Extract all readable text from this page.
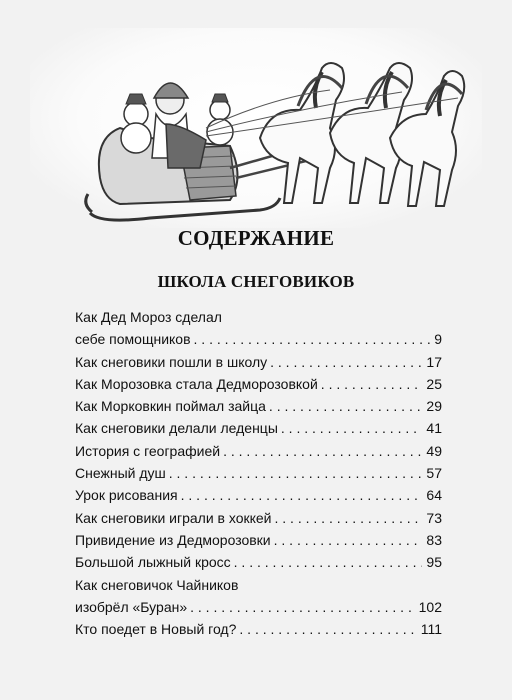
СОДЕРЖАНИЕ
ШКОЛА СНЕГОВИКОВ
Как Дед Мороз сделал
себе помощников . . .	9
Как снеговики пошли в школу . . .	17
Как Морозовка стала Дедморозовкой . . .	25
Как Морковкин поймал зайца . . .	29
Как снеговики делали леденцы . . .	41
История с географией . . .	49
Снежный душ . . .	57
Урок рисования . . .	64
Как снеговики играли в хоккей . . .	73
Привидение из Дедморозовки . . .	83
Большой лыжный кросс . . .	95
Как снеговичок Чайников
изобрёл «Буран» . . .	102
Кто поедет в Новый год? . . .	111
